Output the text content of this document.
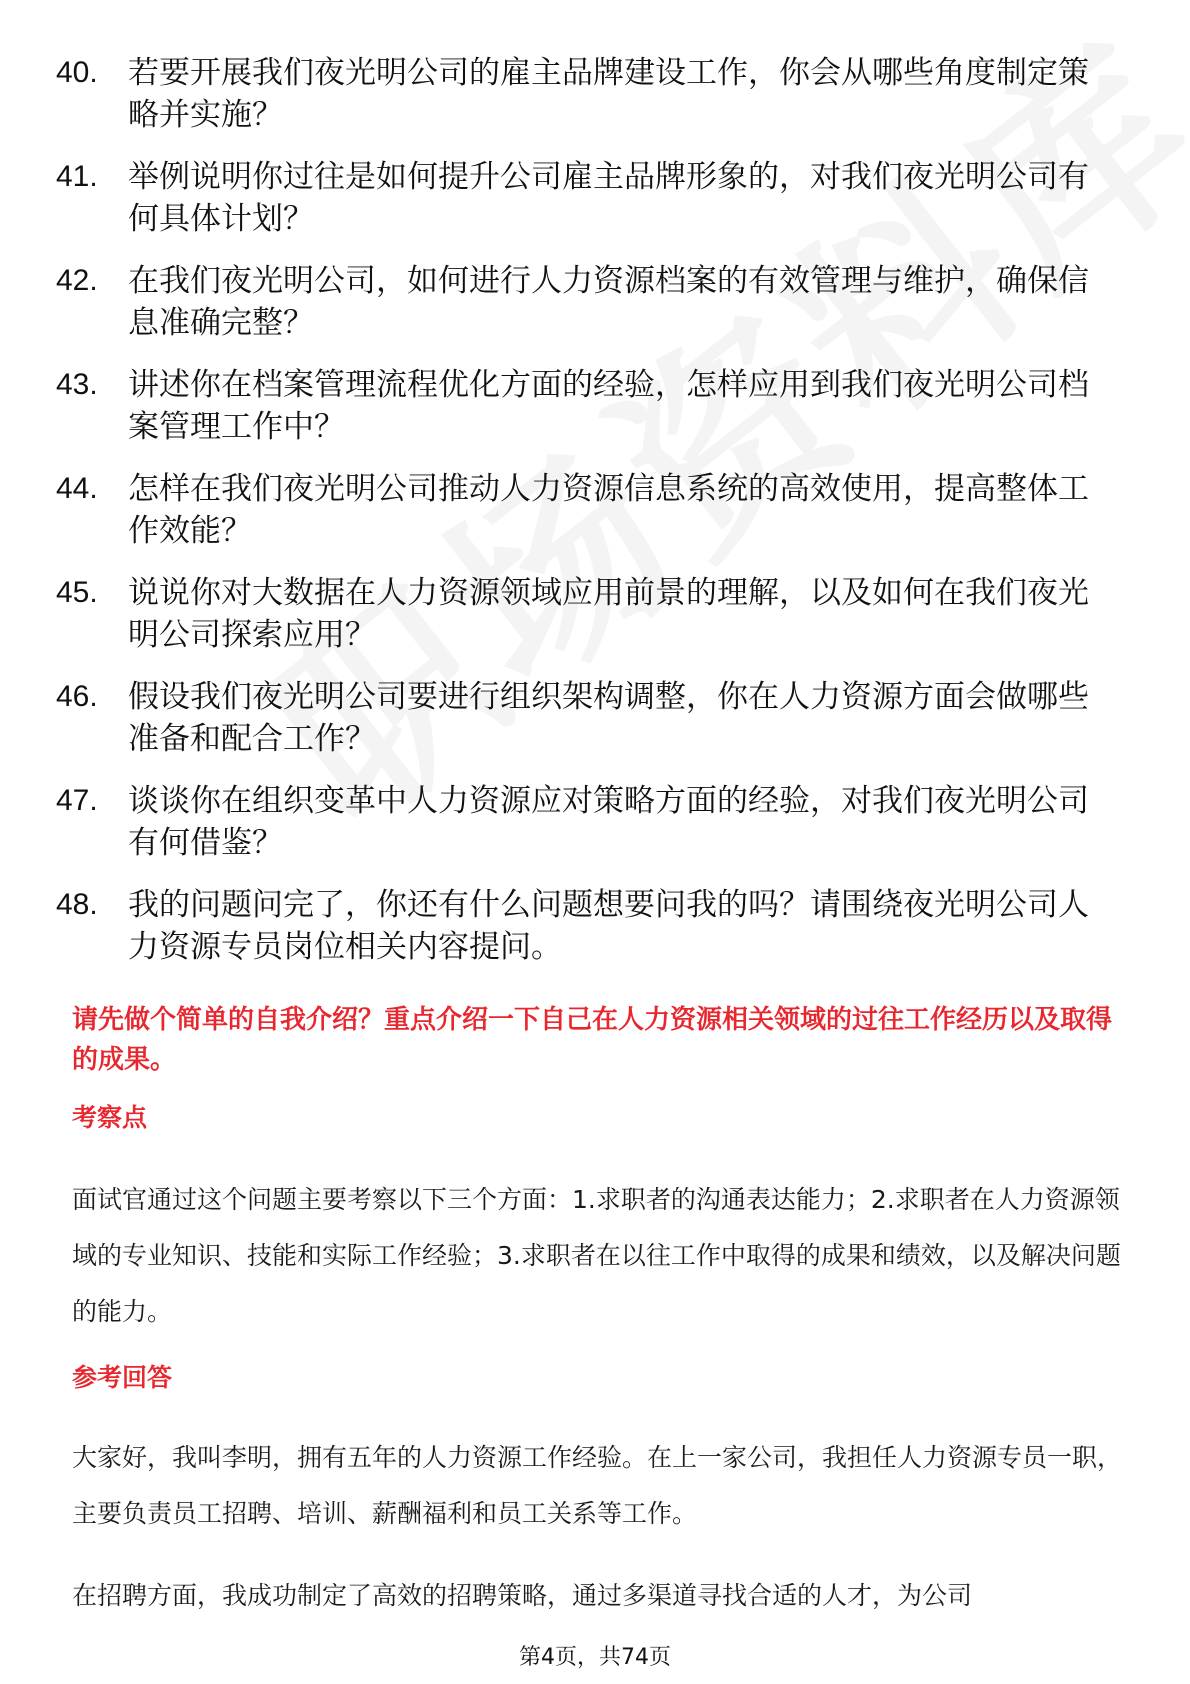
40. 若要开展我们夜光明公司的雇主品牌建设工作，你会从哪些角度制定策略并实施？
41. 举例说明你过往是如何提升公司雇主品牌形象的，对我们夜光明公司有何具体计划？
42. 在我们夜光明公司，如何进行人力资源档案的有效管理与维护，确保信息准确完整？
43. 讲述你在档案管理流程优化方面的经验，怎样应用到我们夜光明公司档案管理工作中？
44. 怎样在我们夜光明公司推动人力资源信息系统的高效使用，提高整体工作效能？
45. 说说你对大数据在人力资源领域应用前景的理解，以及如何在我们夜光明公司探索应用？
46. 假设我们夜光明公司要进行组织架构调整，你在人力资源方面会做哪些准备和配合工作？
47. 谈谈你在组织变革中人力资源应对策略方面的经验，对我们夜光明公司有何借鉴？
48. 我的问题问完了，你还有什么问题想要问我的吗？请围绕夜光明公司人力资源专员岗位相关内容提问。
请先做个简单的自我介绍？重点介绍一下自己在人力资源相关领域的过往工作经历以及取得的成果。
考察点
面试官通过这个问题主要考察以下三个方面：1.求职者的沟通表达能力；2.求职者在人力资源领域的专业知识、技能和实际工作经验；3.求职者在以往工作中取得的成果和绩效，以及解决问题的能力。
参考回答
大家好，我叫李明，拥有五年的人力资源工作经验。在上一家公司，我担任人力资源专员一职，主要负责员工招聘、培训、薪酬福利和员工关系等工作。
在招聘方面，我成功制定了高效的招聘策略，通过多渠道寻找合适的人才，为公司
第4页，共74页
